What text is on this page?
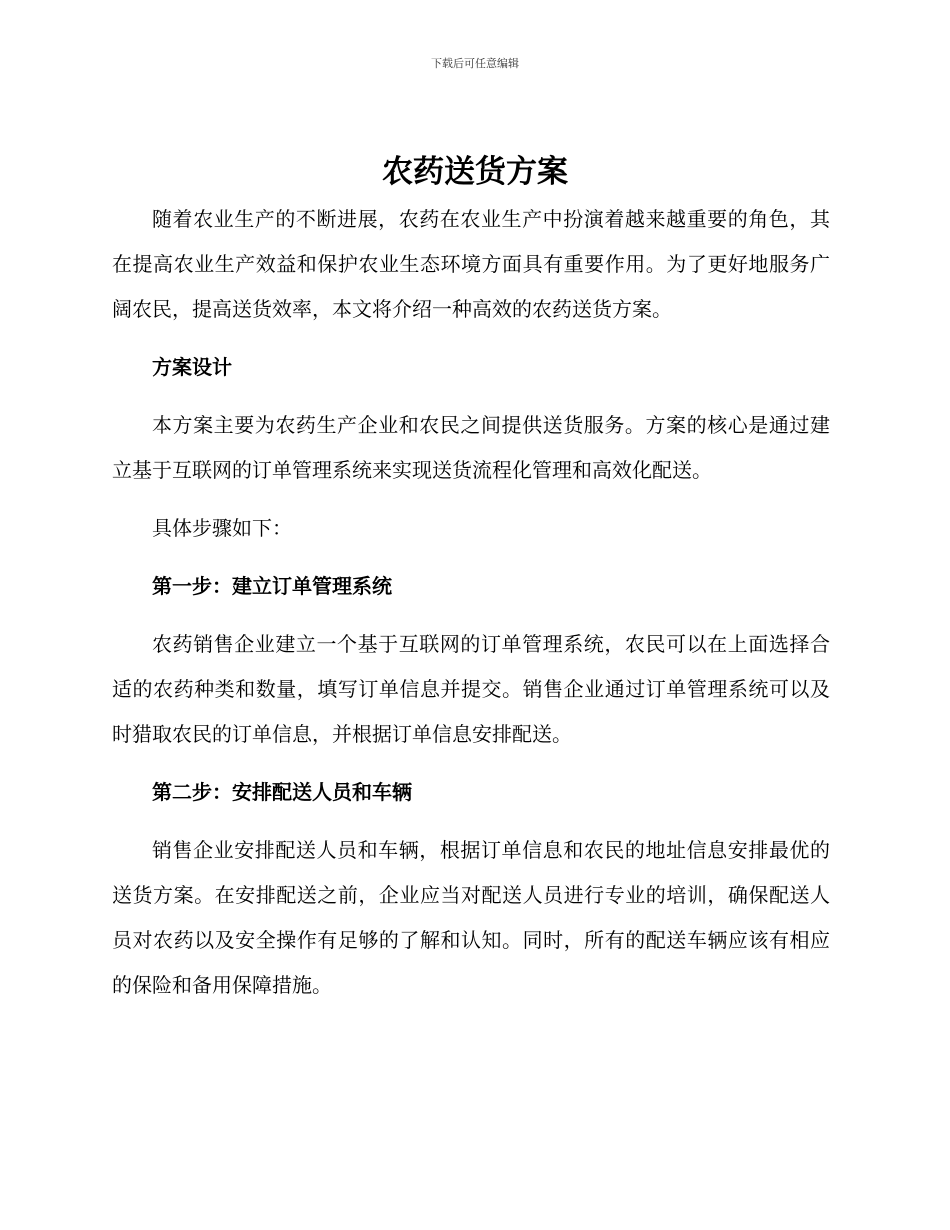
下载后可任意编辑
农药送货方案

随着农业生产的不断进展，农药在农业生产中扮演着越来越重要的角色，其在提高农业生产效益和保护农业生态环境方面具有重要作用。为了更好地服务广阔农民，提高送货效率，本文将介绍一种高效的农药送货方案。

方案设计

本方案主要为农药生产企业和农民之间提供送货服务。方案的核心是通过建立基于互联网的订单管理系统来实现送货流程化管理和高效化配送。

具体步骤如下：

第一步：建立订单管理系统

农药销售企业建立一个基于互联网的订单管理系统，农民可以在上面选择合适的农药种类和数量，填写订单信息并提交。销售企业通过订单管理系统可以及时猎取农民的订单信息，并根据订单信息安排配送。

第二步：安排配送人员和车辆

销售企业安排配送人员和车辆，根据订单信息和农民的地址信息安排最优的送货方案。在安排配送之前，企业应当对配送人员进行专业的培训，确保配送人员对农药以及安全操作有足够的了解和认知。同时，所有的配送车辆应该有相应的保险和备用保障措施。
